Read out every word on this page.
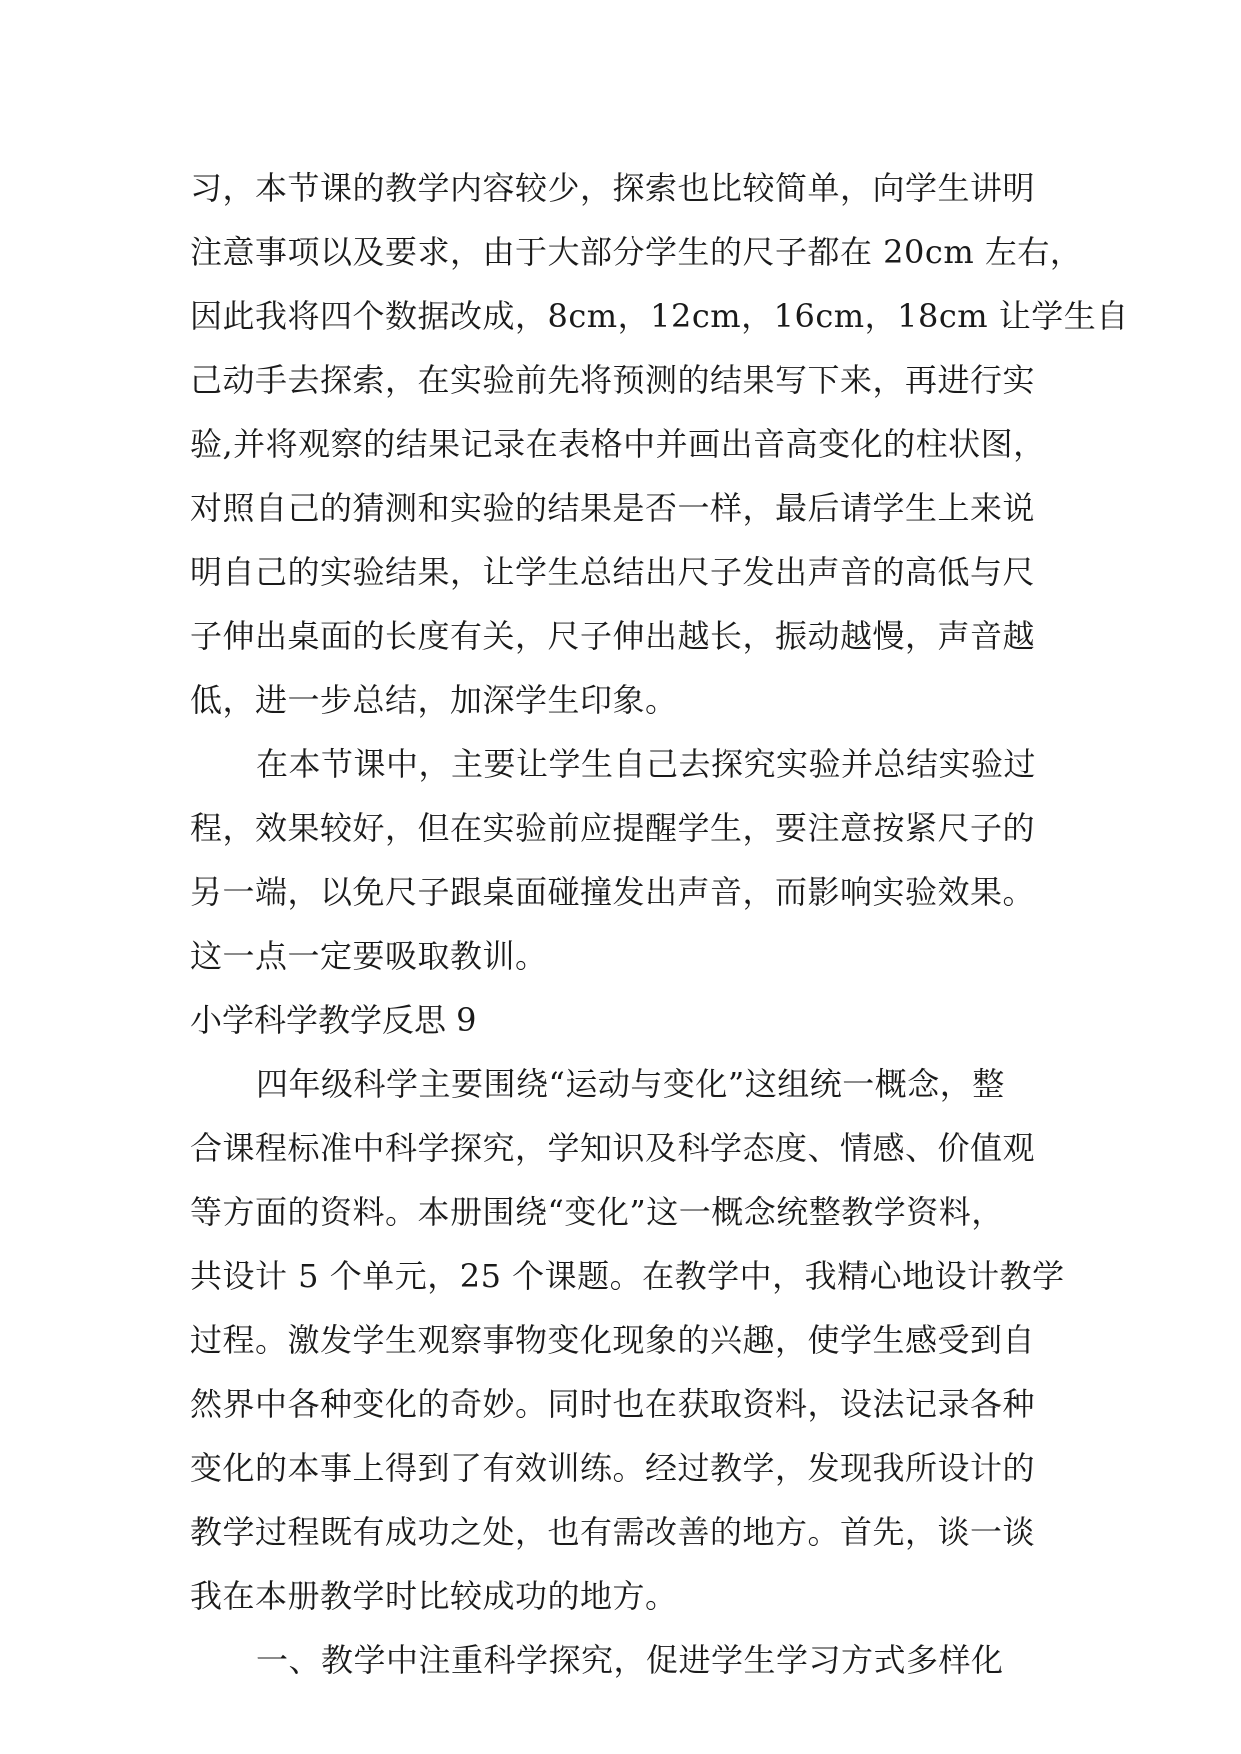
习，本节课的教学内容较少，探索也比较简单，向学生讲明
注意事项以及要求，由于大部分学生的尺子都在 20cm 左右，
因此我将四个数据改成，8cm，12cm，16cm，18cm 让学生自
己动手去探索，在实验前先将预测的结果写下来，再进行实
验,并将观察的结果记录在表格中并画出音高变化的柱状图，
对照自己的猜测和实验的结果是否一样，最后请学生上来说
明自己的实验结果，让学生总结出尺子发出声音的高低与尺
子伸出桌面的长度有关，尺子伸出越长，振动越慢，声音越
低，进一步总结，加深学生印象。
在本节课中，主要让学生自己去探究实验并总结实验过
程，效果较好，但在实验前应提醒学生，要注意按紧尺子的
另一端，以免尺子跟桌面碰撞发出声音，而影响实验效果。
这一点一定要吸取教训。
小学科学教学反思 9
四年级科学主要围绕“运动与变化”这组统一概念，整
合课程标准中科学探究，学知识及科学态度、情感、价值观
等方面的资料。本册围绕“变化”这一概念统整教学资料，
共设计 5 个单元，25 个课题。在教学中，我精心地设计教学
过程。激发学生观察事物变化现象的兴趣，使学生感受到自
然界中各种变化的奇妙。同时也在获取资料，设法记录各种
变化的本事上得到了有效训练。经过教学，发现我所设计的
教学过程既有成功之处，也有需改善的地方。首先，谈一谈
我在本册教学时比较成功的地方。
一、教学中注重科学探究，促进学生学习方式多样化
